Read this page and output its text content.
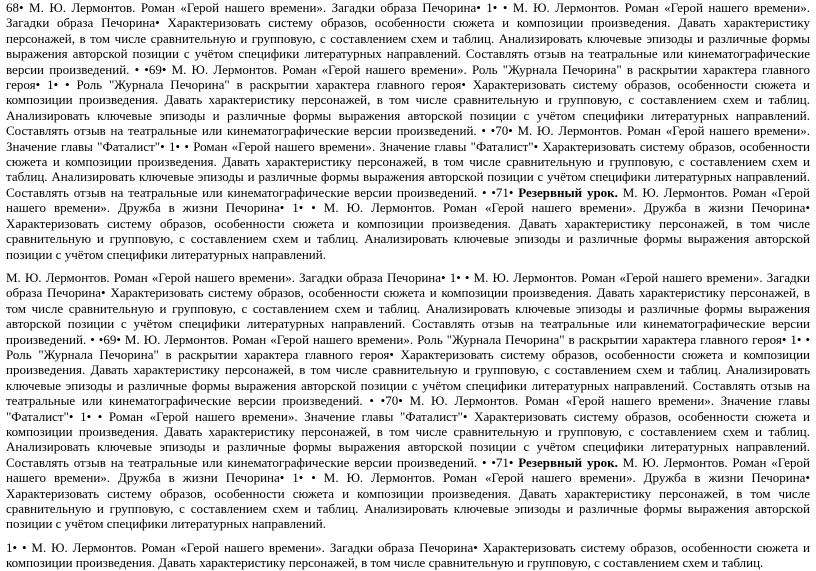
68• М. Ю. Лермонтов. Роман «Герой нашего времени». Загадки образа Печорина• 1• • М. Ю. Лермонтов. Роман «Герой нашего времени». Загадки образа Печорина• Характеризовать систему образов, особенности сюжета и композиции произведения. Давать характеристику персонажей, в том числе сравнительную и групповую, с составлением схем и таблиц. Анализировать ключевые эпизоды и различные формы выражения авторской позиции с учётом специфики литературных направлений. Составлять отзыв на театральные или кинематографические версии произведений. • •69• М. Ю. Лермонтов. Роман «Герой нашего времени». Роль "Журнала Печорина" в раскрытии характера главного героя• 1• • Роль "Журнала Печорина" в раскрытии характера главного героя• Характеризовать систему образов, особенности сюжета и композиции произведения. Давать характеристику персонажей, в том числе сравнительную и групповую, с составлением схем и таблиц. Анализировать ключевые эпизоды и различные формы выражения авторской позиции с учётом специфики литературных направлений. Составлять отзыв на театральные или кинематографические версии произведений. • •70• М. Ю. Лермонтов. Роман «Герой нашего времени». Значение главы "Фаталист"• 1• • Роман «Герой нашего времени». Значение главы "Фаталист"• Характеризовать систему образов, особенности сюжета и композиции произведения. Давать характеристику персонажей, в том числе сравнительную и групповую, с составлением схем и таблиц. Анализировать ключевые эпизоды и различные формы выражения авторской позиции с учётом специфики литературных направлений. Составлять отзыв на театральные или кинематографические версии произведений. • •71• Резервный урок. М. Ю. Лермонтов. Роман «Герой нашего времени». Дружба в жизни Печорина• 1• • М. Ю. Лермонтов. Роман «Герой нашего времени». Дружба в жизни Печорина• Характеризовать систему образов, особенности сюжета и композиции произведения. Давать характеристику персонажей, в том числе сравнительную и групповую, с составлением схем и таблиц. Анализировать ключевые эпизоды и различные формы выражения авторской позиции с учётом специфики литературных направлений.

М. Ю. Лермонтов. Роман «Герой нашего времени». Загадки образа Печорина• 1• • М. Ю. Лермонтов. Роман «Герой нашего времени». Загадки образа Печорина• Характеризовать систему образов, особенности сюжета и композиции произведения. Давать характеристику персонажей, в том числе сравнительную и групповую, с составлением схем и таблиц. Анализировать ключевые эпизоды и различные формы выражения авторской позиции с учётом специфики литературных направлений. Составлять отзыв на театральные или кинематографические версии произведений. • •69• М. Ю. Лермонтов. Роман «Герой нашего времени». Роль "Журнала Печорина" в раскрытии характера главного героя• 1• • Роль "Журнала Печорина" в раскрытии характера главного героя• Характеризовать систему образов, особенности сюжета и композиции произведения. Давать характеристику персонажей, в том числе сравнительную и групповую, с составлением схем и таблиц. Анализировать ключевые эпизоды и различные формы выражения авторской позиции с учётом специфики литературных направлений. Составлять отзыв на театральные или кинематографические версии произведений. • •70• М. Ю. Лермонтов. Роман «Герой нашего времени». Значение главы "Фаталист"• 1• • Роман «Герой нашего времени». Значение главы "Фаталист"• Характеризовать систему образов, особенности сюжета и композиции произведения. Давать характеристику персонажей, в том числе сравнительную и групповую, с составлением схем и таблиц. Анализировать ключевые эпизоды и различные формы выражения авторской позиции с учётом специфики литературных направлений. Составлять отзыв на театральные или кинематографические версии произведений. • •71• Резервный урок. М. Ю. Лермонтов. Роман «Герой нашего времени». Дружба в жизни Печорина• 1• • М. Ю. Лермонтов. Роман «Герой нашего времени». Дружба в жизни Печорина• Характеризовать систему образов, особенности сюжета и композиции произведения. Давать характеристику персонажей, в том числе сравнительную и групповую, с составлением схем и таблиц. Анализировать ключевые эпизоды и различные формы выражения авторской позиции с учётом специфики литературных направлений.

1• • М. Ю. Лермонтов. Роман «Герой нашего времени». Загадки образа Печорина• Характеризовать систему образов, особенности сюжета и композиции произведения. Давать характеристику персонажей, в том числе сравнительную и групповую, с составлением схем и таблиц.
